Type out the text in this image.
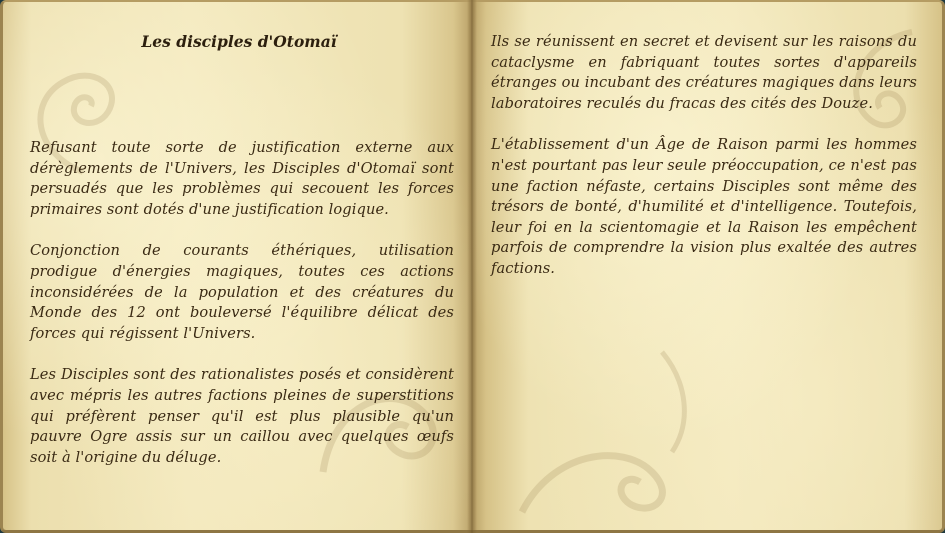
Les disciples d'Otomaï

Refusant toute sorte de justification externe aux dérèglements de l'Univers, les Disciples d'Otomaï sont persuadés que les problèmes qui secouent les forces primaires sont dotés d'une justification logique.

Conjonction de courants éthériques, utilisation prodigue d'énergies magiques, toutes ces actions inconsidérées de la population et des créatures du Monde des 12 ont bouleversé l'équilibre délicat des forces qui régissent l'Univers.

Les Disciples sont des rationalistes posés et considèrent avec mépris les autres factions pleines de superstitions qui préfèrent penser qu'il est plus plausible qu'un pauvre Ogre assis sur un caillou avec quelques œufs soit à l'origine du déluge.

Ils se réunissent en secret et devisent sur les raisons du cataclysme en fabriquant toutes sortes d'appareils étranges ou incubant des créatures magiques dans leurs laboratoires reculés du fracas des cités des Douze.

L'établissement d'un Âge de Raison parmi les hommes n'est pourtant pas leur seule préoccupation, ce n'est pas une faction néfaste, certains Disciples sont même des trésors de bonté, d'humilité et d'intelligence. Toutefois, leur foi en la scientomagie et la Raison les empêchent parfois de comprendre la vision plus exaltée des autres factions.
